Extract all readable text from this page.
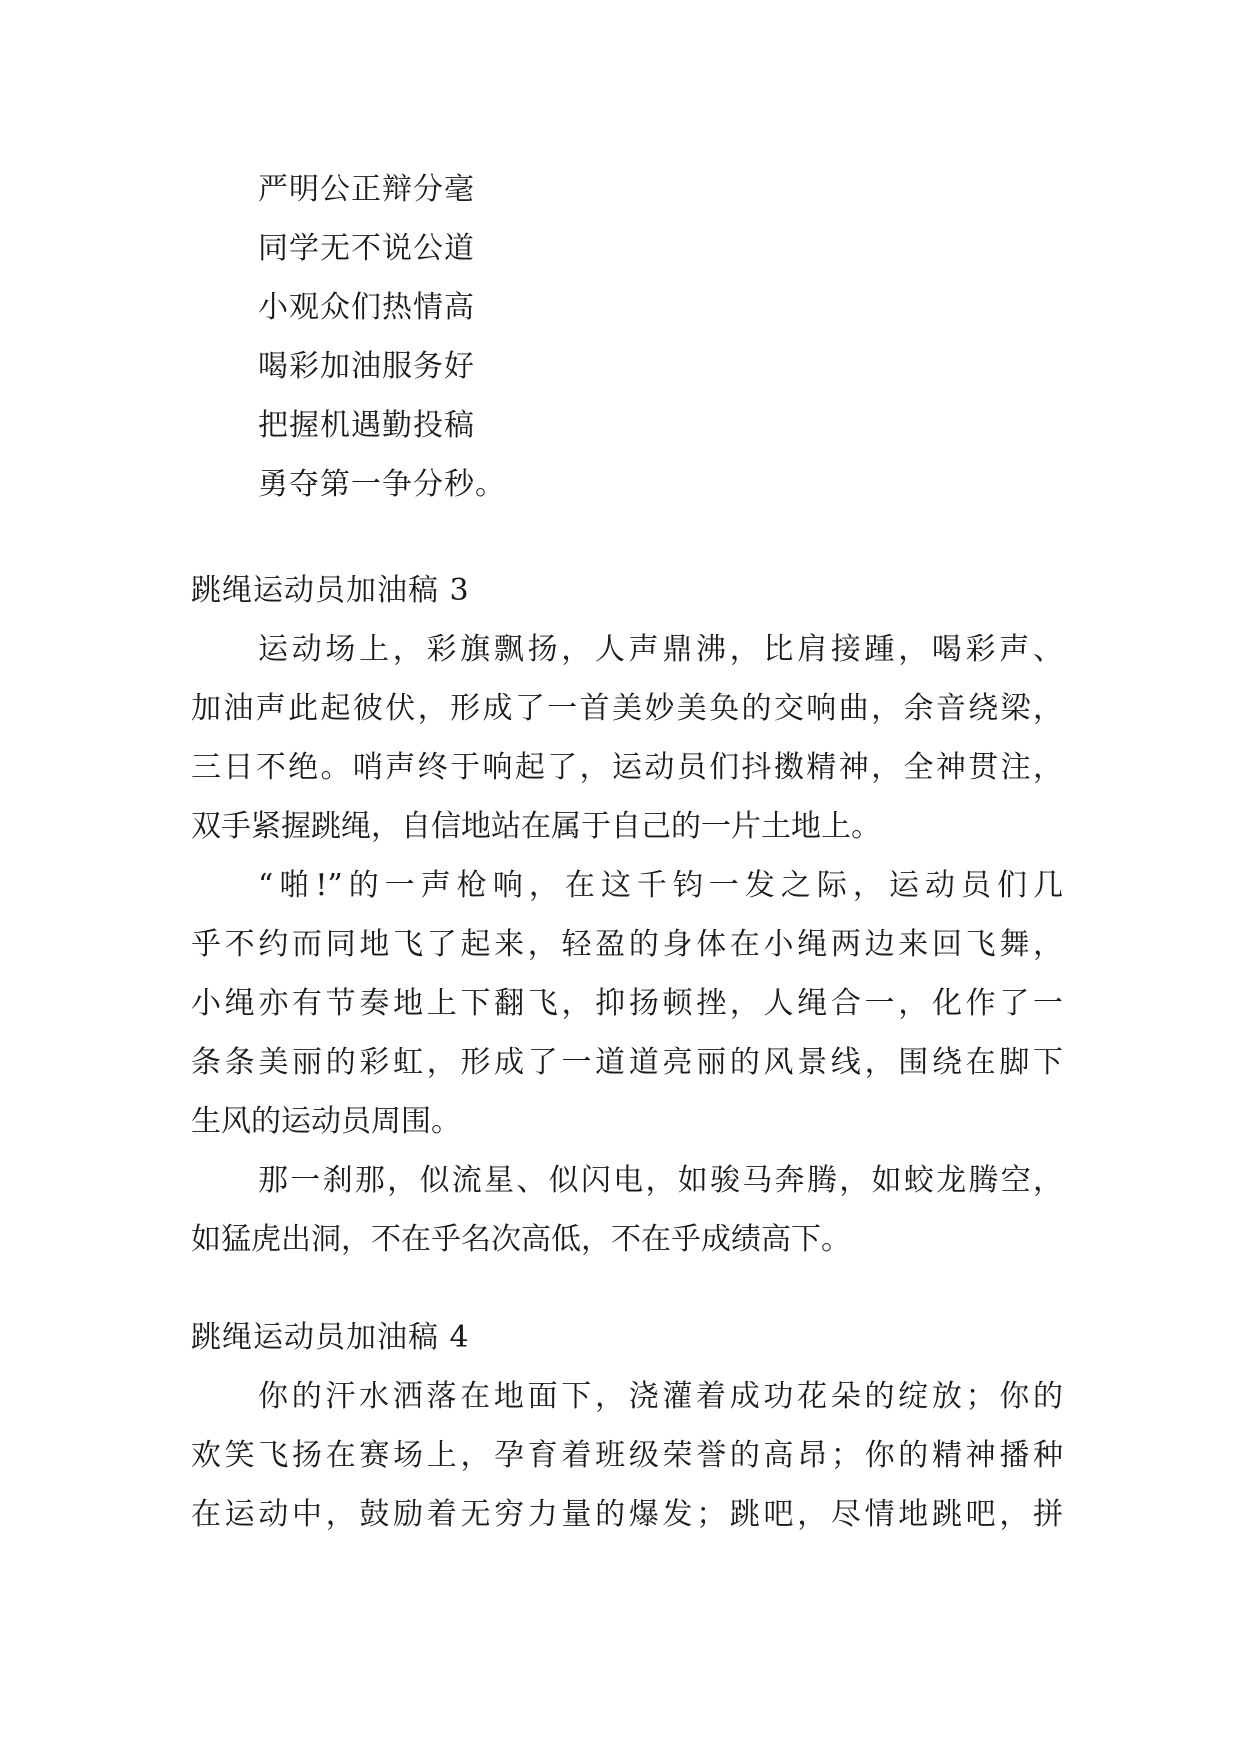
严明公正辩分毫
同学无不说公道
小观众们热情高
喝彩加油服务好
把握机遇勤投稿
勇夺第一争分秒。
跳绳运动员加油稿 3
运动场上，彩旗飘扬，人声鼎沸，比肩接踵，喝彩声、
加油声此起彼伏，形成了一首美妙美奂的交响曲，余音绕梁，
三日不绝。哨声终于响起了，运动员们抖擞精神，全神贯注，
双手紧握跳绳，自信地站在属于自己的一片土地上。
“啪!”的一声枪响，在这千钧一发之际，运动员们几
乎不约而同地飞了起来，轻盈的身体在小绳两边来回飞舞，
小绳亦有节奏地上下翻飞，抑扬顿挫，人绳合一，化作了一
条条美丽的彩虹，形成了一道道亮丽的风景线，围绕在脚下
生风的运动员周围。
那一刹那，似流星、似闪电，如骏马奔腾，如蛟龙腾空，
如猛虎出洞，不在乎名次高低，不在乎成绩高下。
跳绳运动员加油稿 4
你的汗水洒落在地面下，浇灌着成功花朵的绽放；你的
欢笑飞扬在赛场上，孕育着班级荣誉的高昂；你的精神播种
在运动中，鼓励着无穷力量的爆发；跳吧，尽情地跳吧，拼
